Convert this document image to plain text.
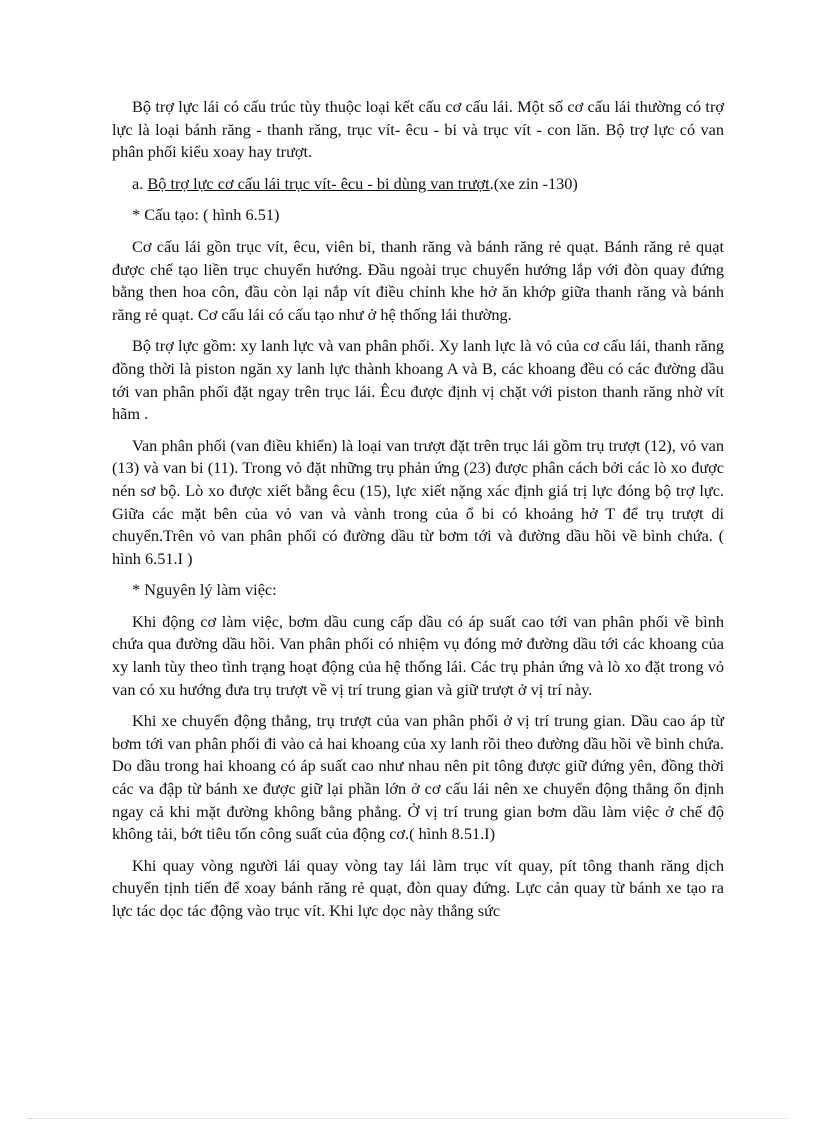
Bộ trợ lực lái có cấu trúc tùy thuộc loại kết cấu cơ cấu lái. Một số cơ cấu lái thường có trợ lực là loại bánh răng - thanh răng, trục vít- êcu - bi và trục vít - con lăn. Bộ trợ lực có van phân phối kiểu xoay hay trượt.

a. Bộ trợ lực cơ cấu lái trục vít- êcu - bi dùng van trượt.(xe zin -130)

* Cấu tạo: ( hình 6.51)

Cơ cấu lái gồn trục vít, êcu, viên bi, thanh răng và bánh răng rẻ quạt. Bánh răng rẻ quạt được chế tạo liền trục chuyển hướng. Đầu ngoài trục chuyển hướng lắp với đòn quay đứng bằng then hoa côn, đầu còn lại nắp vít điều chỉnh khe hở ăn khớp giữa thanh răng và bánh răng rẻ quạt. Cơ cấu lái có cấu tạo như ở hệ thống lái thường.

Bộ trợ lực gồm: xy lanh lực và van phân phối. Xy lanh lực là vỏ của cơ cấu lái, thanh răng đồng thời là piston ngăn xy lanh lực thành khoang A và B, các khoang đều có các đường dầu tới van phân phối đặt ngay trên trục lái. Êcu được định vị chặt với piston thanh răng nhờ vít hãm .

Van phân phối (van điều khiển) là loại van trượt đặt trên trục lái gồm trụ trượt (12), vỏ van (13) và van bi (11). Trong vỏ đặt những trụ phản ứng (23) được phân cách bởi các lò xo được nén sơ bộ. Lò xo được xiết bằng êcu (15), lực xiết nặng xác định giá trị lực đóng bộ trợ lực. Giữa các mặt bên của vỏ van và vành trong của ổ bi có khoảng hở T để trụ trượt di chuyển.Trên vỏ van phân phối có đường dầu từ bơm tới và đường dầu hồi về bình chứa. ( hình 6.51.I )

* Nguyên lý làm việc:

Khi động cơ làm việc, bơm dầu cung cấp dầu có áp suất cao tới van phân phối về bình chứa qua đường dầu hồi. Van phân phối có nhiệm vụ đóng mở đường dầu tới các khoang của xy lanh tùy theo tình trạng hoạt động của hệ thống lái. Các trụ phản ứng và lò xo đặt trong vỏ van có xu hướng đưa trụ trượt về vị trí trung gian và giữ trượt ở vị trí này.

Khi xe chuyển động thẳng, trụ trượt của van phân phối ở vị trí trung gian. Dầu cao áp từ bơm tới van phân phối đi vào cả hai khoang của xy lanh rồi theo đường dầu hồi về bình chứa. Do dầu trong hai khoang có áp suất cao như nhau nên pit tông được giữ đứng yên, đồng thời các va đập từ bánh xe được giữ lại phần lớn ở cơ cấu lái nên xe chuyển động thẳng ổn định ngay cả khi mặt đường không bằng phẳng. Ở vị trí trung gian bơm dầu làm việc ở chế độ không tải, bớt tiêu tốn công suất của động cơ.( hình 8.51.I)

Khi quay vòng người lái quay vòng tay lái làm trục vít quay, pít tông thanh răng dịch chuyển tịnh tiến để xoay bánh răng rẻ quạt, đòn quay đứng. Lực cản quay từ bánh xe tạo ra lực tác dọc tác động vào trục vít. Khi lực dọc này thắng sức
